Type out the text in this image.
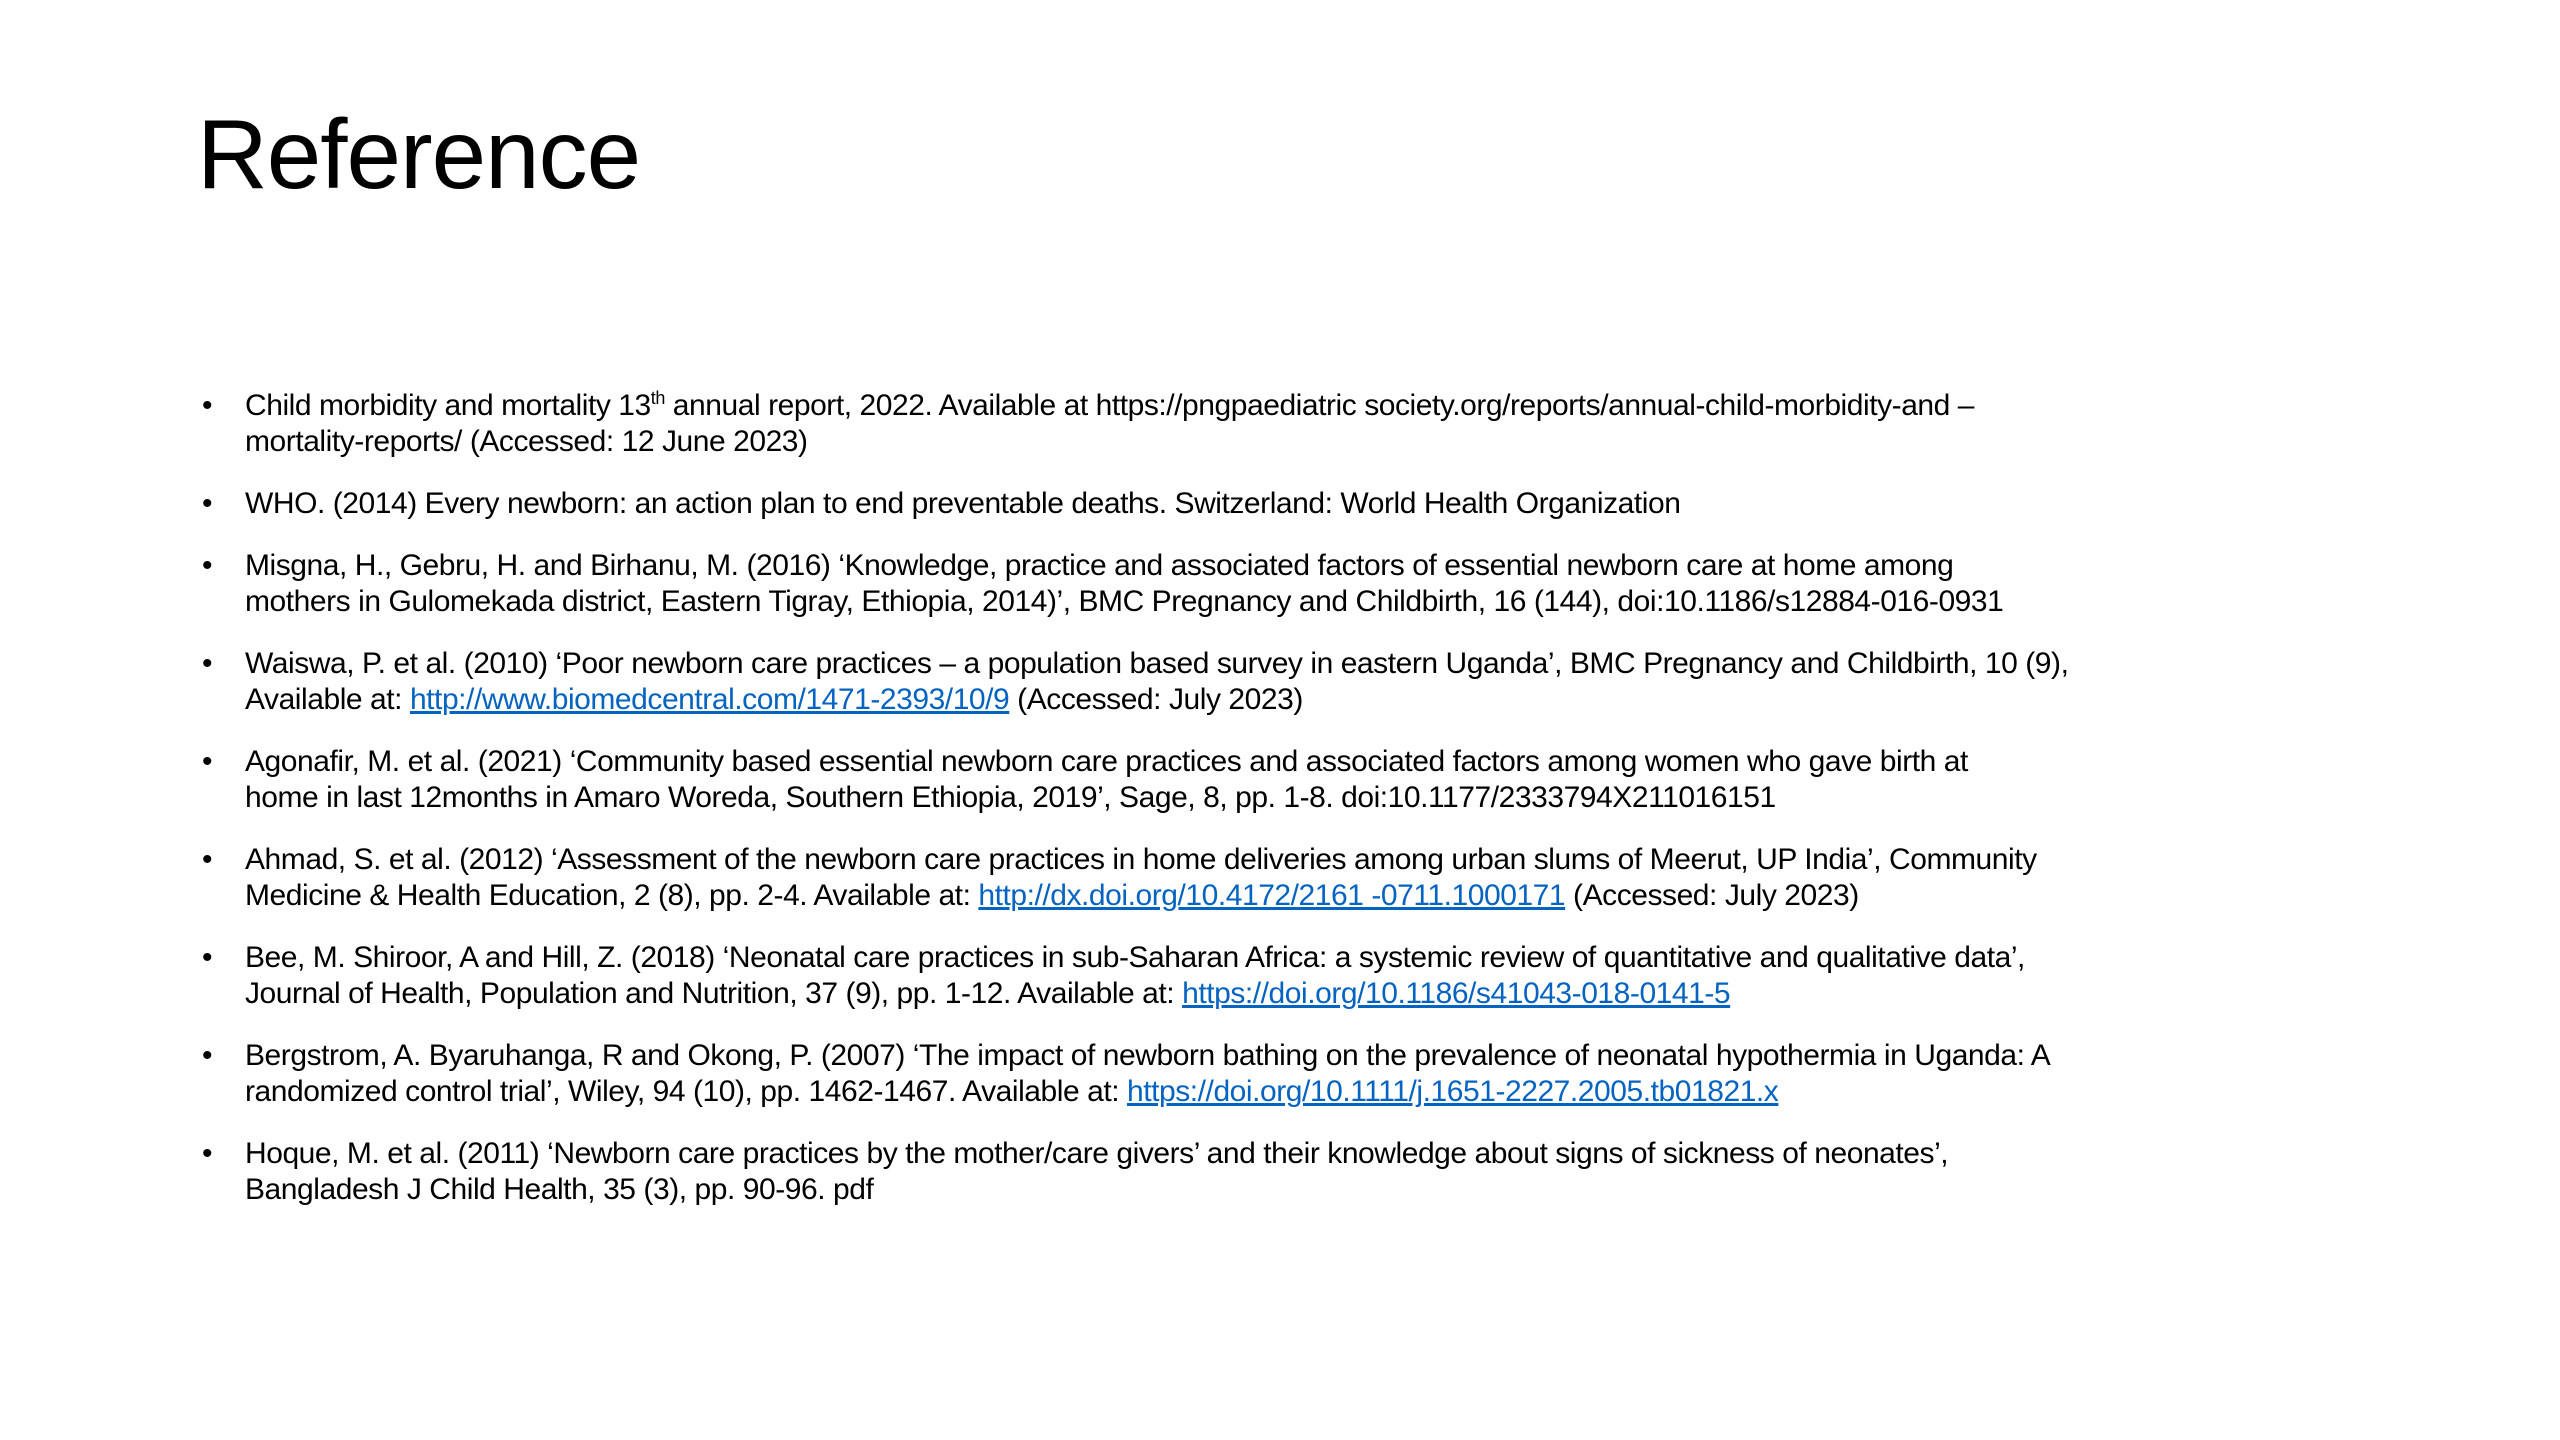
Reference
• Child morbidity and mortality 13th annual report, 2022. Available at https://pngpaediatric society.org/reports/annual-child-morbidity-and –
mortality-reports/ (Accessed: 12 June 2023)
• WHO. (2014) Every newborn: an action plan to end preventable deaths. Switzerland: World Health Organization
• Misgna, H., Gebru, H. and Birhanu, M. (2016) ‘Knowledge, practice and associated factors of essential newborn care at home among
mothers in Gulomekada district, Eastern Tigray, Ethiopia, 2014)’, BMC Pregnancy and Childbirth, 16 (144), doi:10.1186/s12884-016-0931
• Waiswa, P. et al. (2010) ‘Poor newborn care practices – a population based survey in eastern Uganda’, BMC Pregnancy and Childbirth, 10 (9),
Available at: http://www.biomedcentral.com/1471-2393/10/9 (Accessed: July 2023)
• Agonafir, M. et al. (2021) ‘Community based essential newborn care practices and associated factors among women who gave birth at
home in last 12months in Amaro Woreda, Southern Ethiopia, 2019’, Sage, 8, pp. 1-8. doi:10.1177/2333794X211016151
• Ahmad, S. et al. (2012) ‘Assessment of the newborn care practices in home deliveries among urban slums of Meerut, UP India’, Community
Medicine & Health Education, 2 (8), pp. 2-4. Available at: http://dx.doi.org/10.4172/2161 -0711.1000171 (Accessed: July 2023)
• Bee, M. Shiroor, A and Hill, Z. (2018) ‘Neonatal care practices in sub-Saharan Africa: a systemic review of quantitative and qualitative data’,
Journal of Health, Population and Nutrition, 37 (9), pp. 1-12. Available at: https://doi.org/10.1186/s41043-018-0141-5
• Bergstrom, A. Byaruhanga, R and Okong, P. (2007) ‘The impact of newborn bathing on the prevalence of neonatal hypothermia in Uganda: A
randomized control trial’, Wiley, 94 (10), pp. 1462-1467. Available at: https://doi.org/10.1111/j.1651-2227.2005.tb01821.x
• Hoque, M. et al. (2011) ‘Newborn care practices by the mother/care givers’ and their knowledge about signs of sickness of neonates’,
Bangladesh J Child Health, 35 (3), pp. 90-96. pdf
